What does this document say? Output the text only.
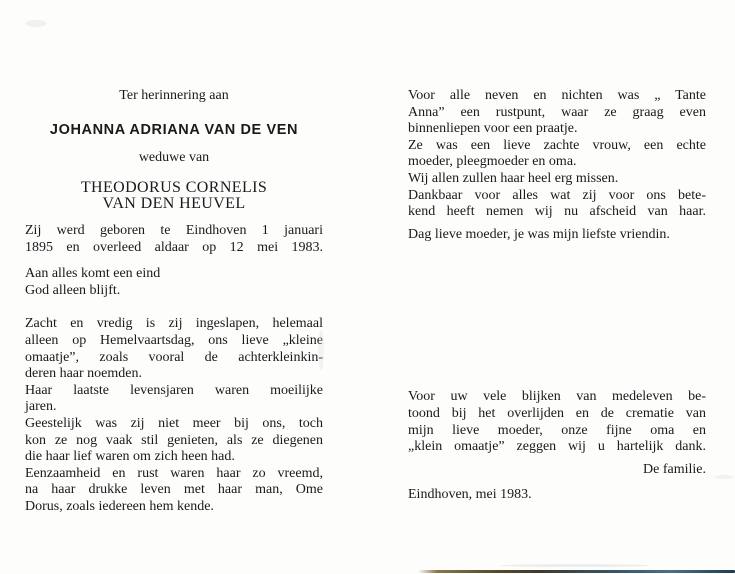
Ter herinnering aan
JOHANNA ADRIANA VAN DE VEN
weduwe van
THEODORUS CORNELIS
VAN DEN HEUVEL
Zij werd geboren te Eindhoven 1 januari
1895 en overleed aldaar op 12 mei 1983.
Aan alles komt een eind
God alleen blijft.
Zacht en vredig is zij ingeslapen, helemaal
alleen op Hemelvaartsdag, ons lieve „kleine
omaatje”, zoals vooral de achterkleinkin-
deren haar noemden.
Haar laatste levensjaren waren moeilijke
jaren.
Geestelijk was zij niet meer bij ons, toch
kon ze nog vaak stil genieten, als ze diegenen
die haar lief waren om zich heen had.
Eenzaamheid en rust waren haar zo vreemd,
na haar drukke leven met haar man, Ome
Dorus, zoals iedereen hem kende.
Voor alle neven en nichten was „ Tante
Anna” een rustpunt, waar ze graag even
binnenliepen voor een praatje.
Ze was een lieve zachte vrouw, een echte
moeder, pleegmoeder en oma.
Wij allen zullen haar heel erg missen.
Dankbaar voor alles wat zij voor ons bete-
kend heeft nemen wij nu afscheid van haar.
Dag lieve moeder, je was mijn liefste vriendin.
Voor uw vele blijken van medeleven be-
toond bij het overlijden en de crematie van
mijn lieve moeder, onze fijne oma en
„klein omaatje” zeggen wij u hartelijk dank.
De familie.
Eindhoven, mei 1983.
